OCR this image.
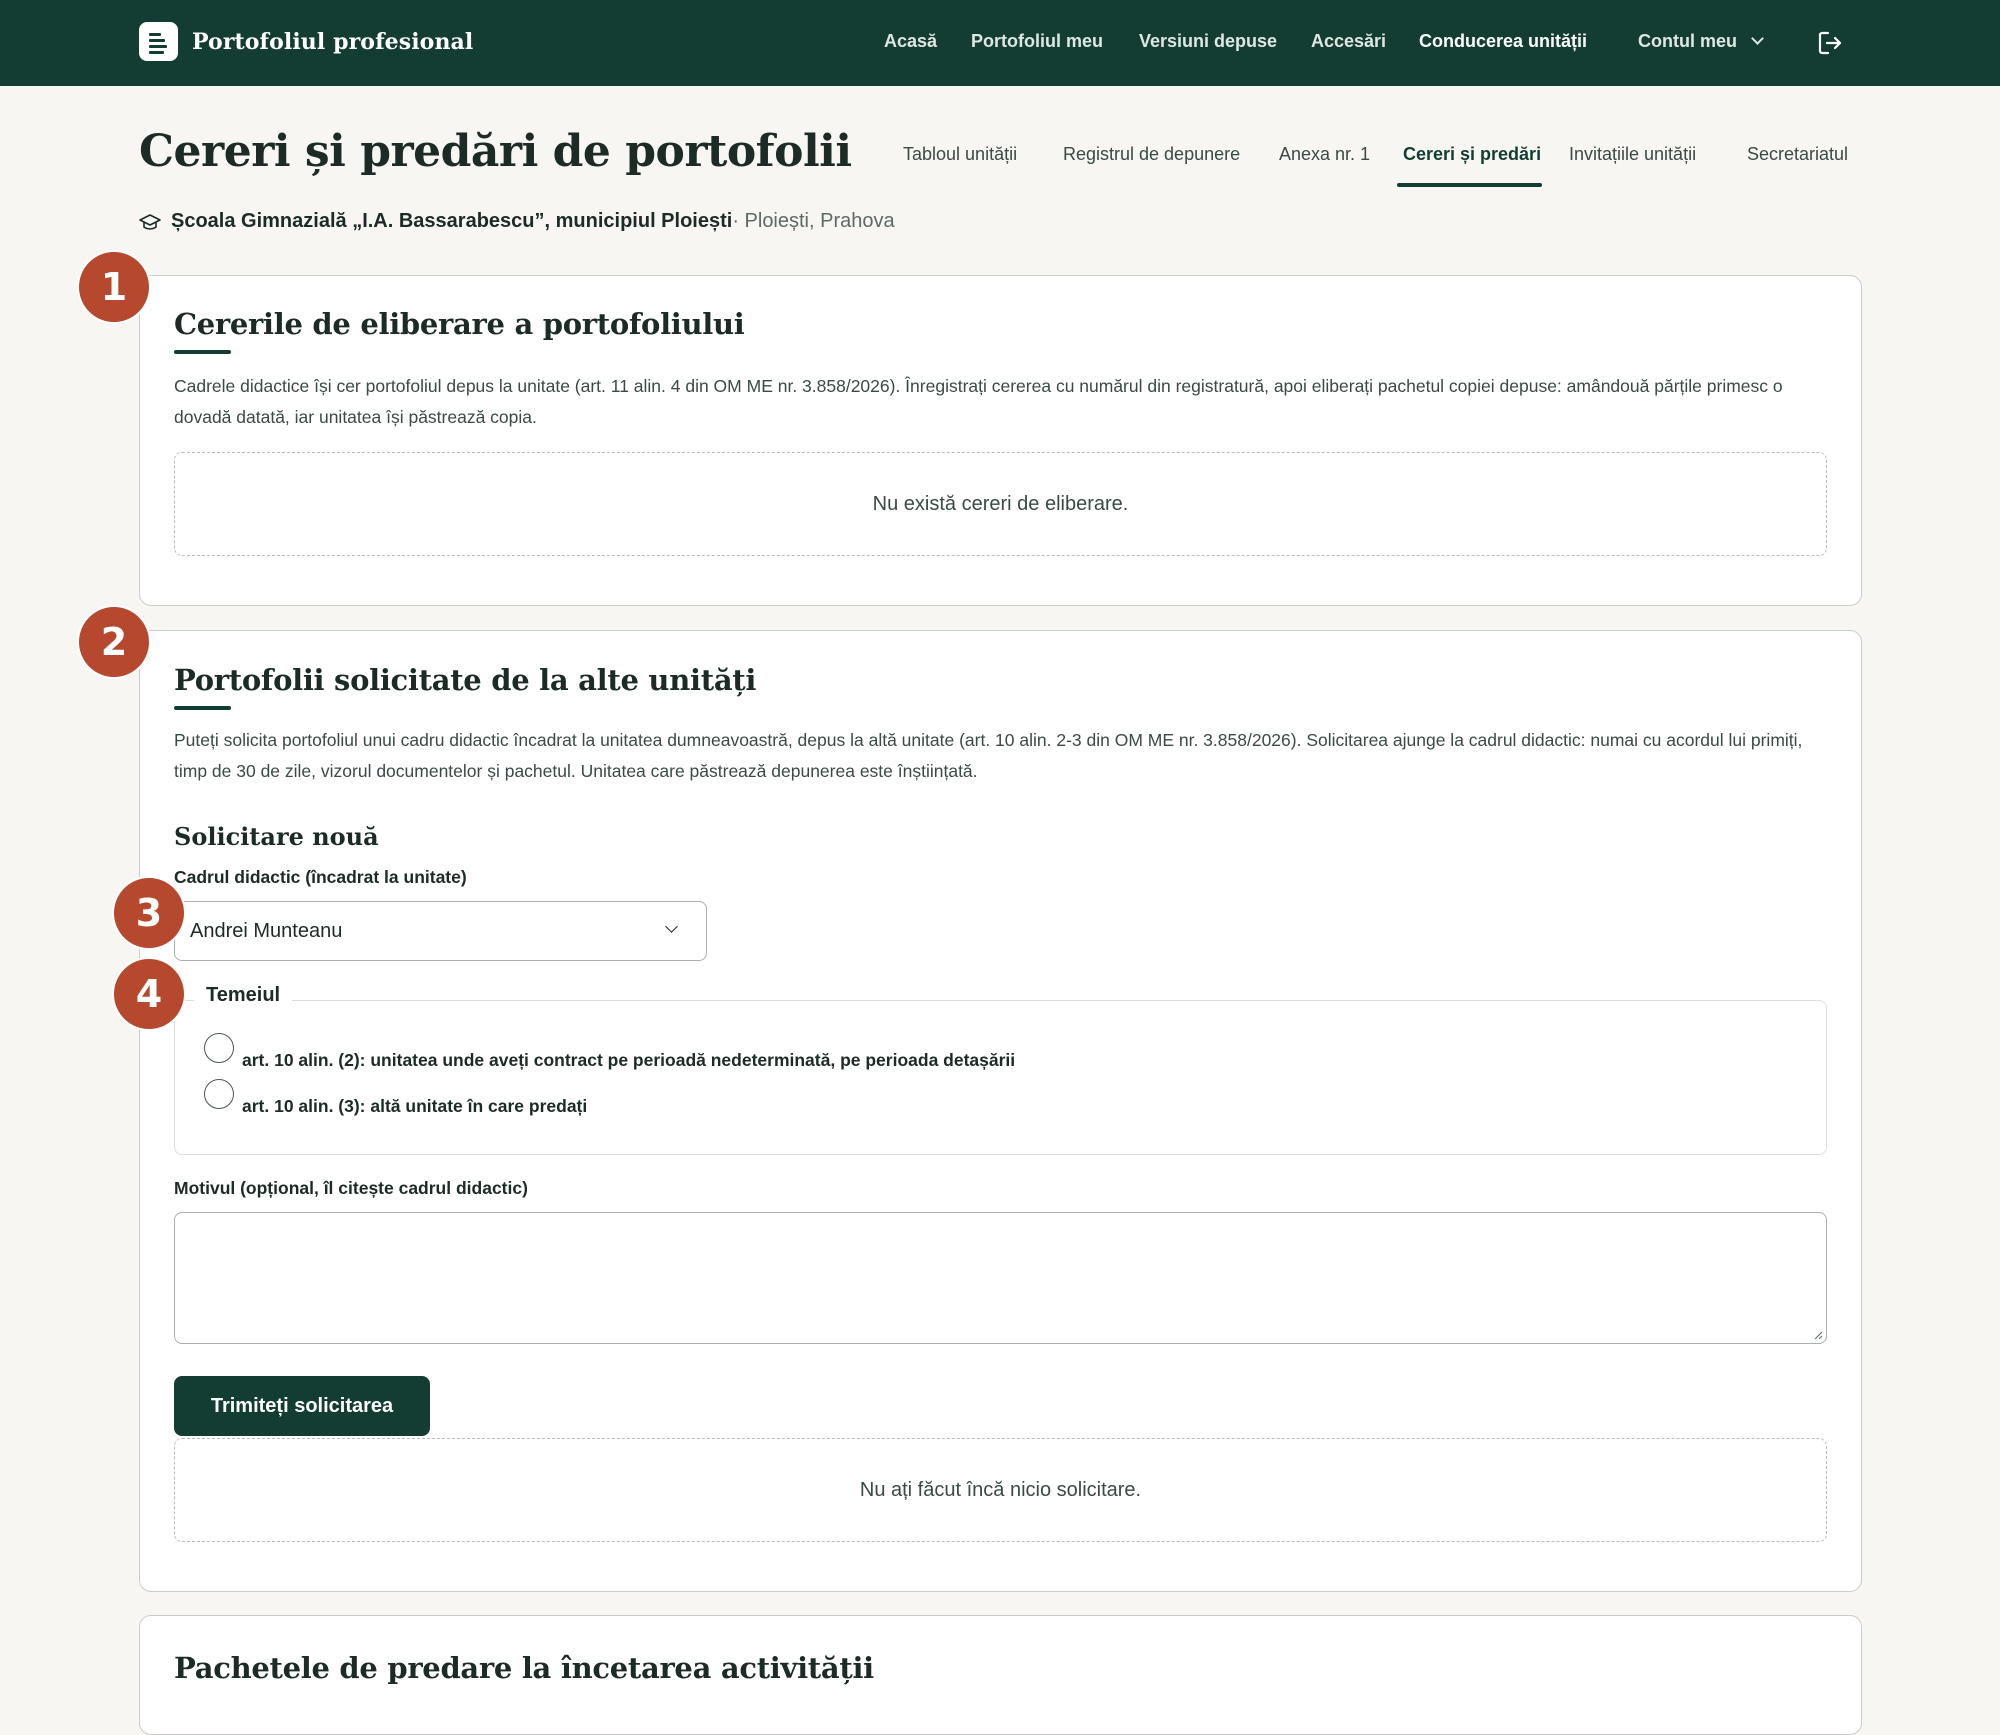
Portofoliul profesional	Acasă Portofoliul meu Versiuni depuse Accesări Conducerea unității	Contul meu
Cereri și predări de portofolii	Tabloul unității	Registrul de depunere Anexa nr. 1 Cereri și predări Invitațiile unității	Secretariatul
Școala Gimnazială „I.A. Bassarabescu”, municipiul Ploiești · Ploiești, Prahova
Cererile de eliberare a portofoliului

Cadrele didactice își cer portofoliul depus la unitate (art. 11 alin. 4 din OM ME nr. 3.858/2026). Înregistrați cererea cu numărul din registratură, apoi eliberați pachetul copiei depuse: amândouă părțile primesc o dovadă datată, iar unitatea își păstrează copia.

Nu există cereri de eliberare.
1
Portofolii solicitate de la alte unități

Puteți solicita portofoliul unui cadru didactic încadrat la unitatea dumneavoastră, depus la altă unitate (art. 10 alin. 2-3 din OM ME nr. 3.858/2026). Solicitarea ajunge la cadrul didactic: numai cu acordul lui primiți, timp de 30 de zile, vizorul documentelor și pachetul. Unitatea care păstrează depunerea este înștiințată.

Solicitare nouă
Cadrul didactic (încadrat la unitate)
Andrei Munteanu
Temeiul
art. 10 alin. (2): unitatea unde aveți contract pe perioadă nedeterminată, pe perioada detașării
art. 10 alin. (3): altă unitate în care predați
Motivul (opțional, îl citește cadrul didactic)
Trimiteți solicitarea
Nu ați făcut încă nicio solicitare.
2
3
4
Pachetele de predare la încetarea activității
